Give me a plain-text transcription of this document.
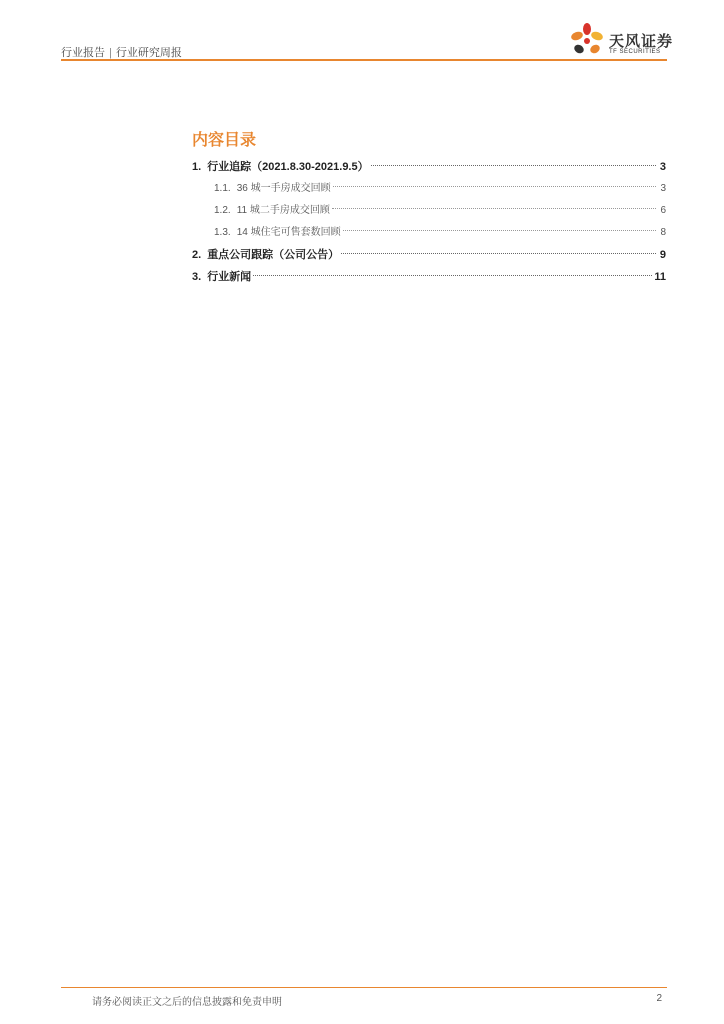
行业报告 | 行业研究周报
天风证券
TF SECURITIES
内容目录
1. 行业追踪（2021.8.30-2021.9.5）	3
1.1. 36 城一手房成交回顾	3
1.2. 11 城二手房成交回顾	6
1.3. 14 城住宅可售套数回顾	8
2. 重点公司跟踪（公司公告）	9
3. 行业新闻	11
请务必阅读正文之后的信息披露和免责申明	2
